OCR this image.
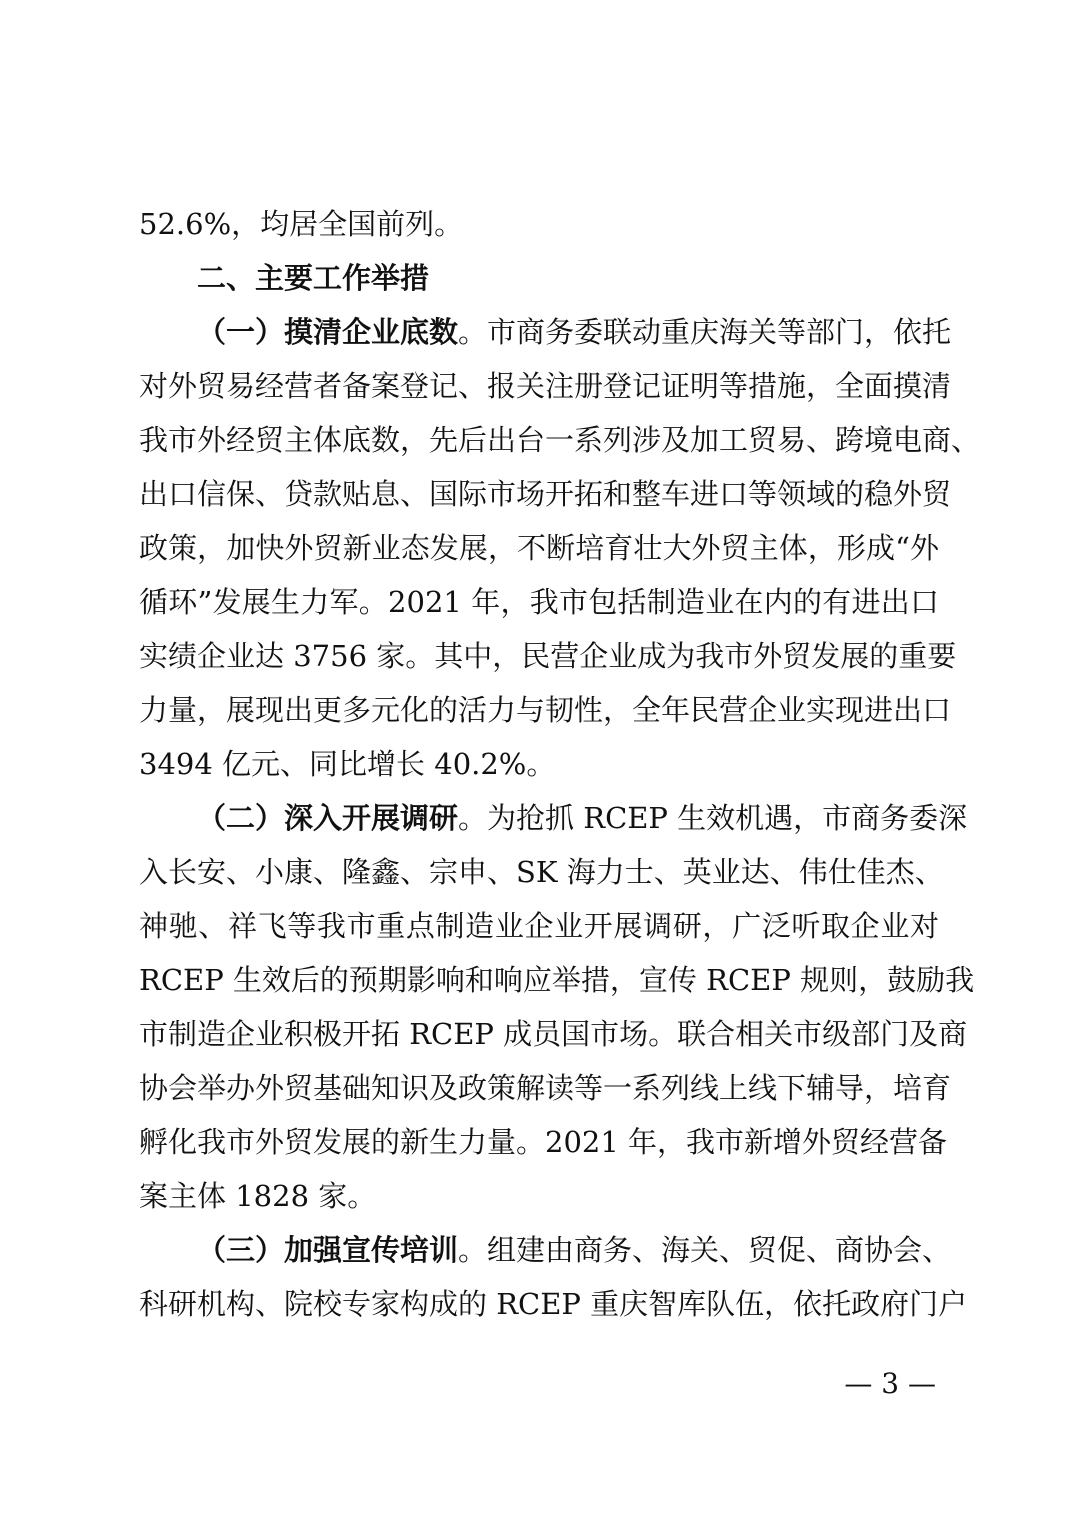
52.6%，均居全国前列。
二、主要工作举措
（一）摸清企业底数。市商务委联动重庆海关等部门，依托
对外贸易经营者备案登记、报关注册登记证明等措施，全面摸清
我市外经贸主体底数，先后出台一系列涉及加工贸易、跨境电商、
出口信保、贷款贴息、国际市场开拓和整车进口等领域的稳外贸
政策，加快外贸新业态发展，不断培育壮大外贸主体，形成“外
循环”发展生力军。2021 年，我市包括制造业在内的有进出口
实绩企业达 3756 家。其中，民营企业成为我市外贸发展的重要
力量，展现出更多元化的活力与韧性，全年民营企业实现进出口
3494 亿元、同比增长 40.2%。
（二）深入开展调研。为抢抓 RCEP 生效机遇，市商务委深
入长安、小康、隆鑫、宗申、SK 海力士、英业达、伟仕佳杰、
神驰、祥飞等我市重点制造业企业开展调研，广泛听取企业对
RCEP 生效后的预期影响和响应举措，宣传 RCEP 规则，鼓励我
市制造企业积极开拓 RCEP 成员国市场。联合相关市级部门及商
协会举办外贸基础知识及政策解读等一系列线上线下辅导，培育
孵化我市外贸发展的新生力量。2021 年，我市新增外贸经营备
案主体 1828 家。
（三）加强宣传培训。组建由商务、海关、贸促、商协会、
科研机构、院校专家构成的 RCEP 重庆智库队伍，依托政府门户
— 3 —
